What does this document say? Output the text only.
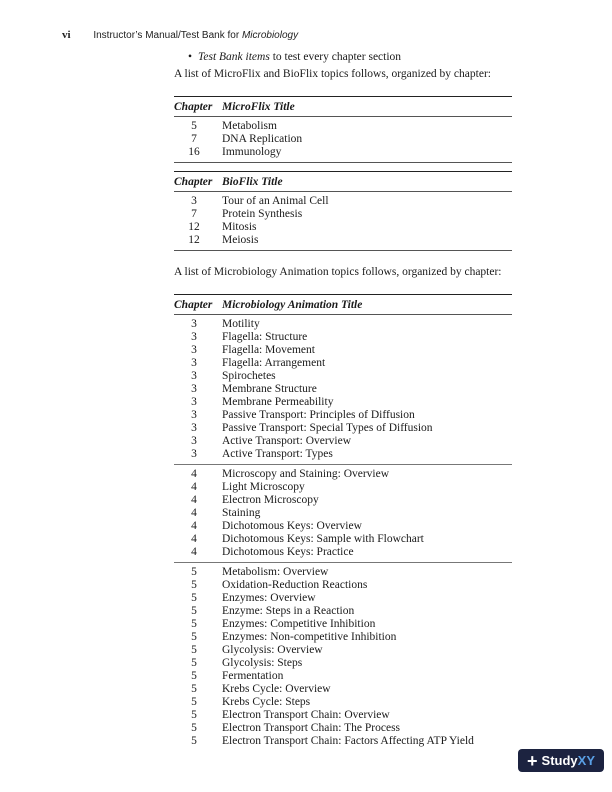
vi Instructor’s Manual/Test Bank for Microbiology

• Test Bank items to test every chapter section

A list of MicroFlix and BioFlix topics follows, organized by chapter:

Chapter	MicroFlix Title
5	Metabolism
7	DNA Replication
16	Immunology
Chapter	BioFlix Title
3	Tour of an Animal Cell
7	Protein Synthesis
12	Mitosis
12	Meiosis

A list of Microbiology Animation topics follows, organized by chapter:

Chapter	Microbiology Animation Title
3	Motility
3	Flagella: Structure
3	Flagella: Movement
3	Flagella: Arrangement
3	Spirochetes
3	Membrane Structure
3	Membrane Permeability
3	Passive Transport: Principles of Diffusion
3	Passive Transport: Special Types of Diffusion
3	Active Transport: Overview
3	Active Transport: Types
4	Microscopy and Staining: Overview
4	Light Microscopy
4	Electron Microscopy
4	Staining
4	Dichotomous Keys: Overview
4	Dichotomous Keys: Sample with Flowchart
4	Dichotomous Keys: Practice
5	Metabolism: Overview
5	Oxidation-Reduction Reactions
5	Enzymes: Overview
5	Enzyme: Steps in a Reaction
5	Enzymes: Competitive Inhibition
5	Enzymes: Non-competitive Inhibition
5	Glycolysis: Overview
5	Glycolysis: Steps
5	Fermentation
5	Krebs Cycle: Overview
5	Krebs Cycle: Steps
5	Electron Transport Chain: Overview
5	Electron Transport Chain: The Process
5	Electron Transport Chain: Factors Affecting ATP Yield
+ Study XY
